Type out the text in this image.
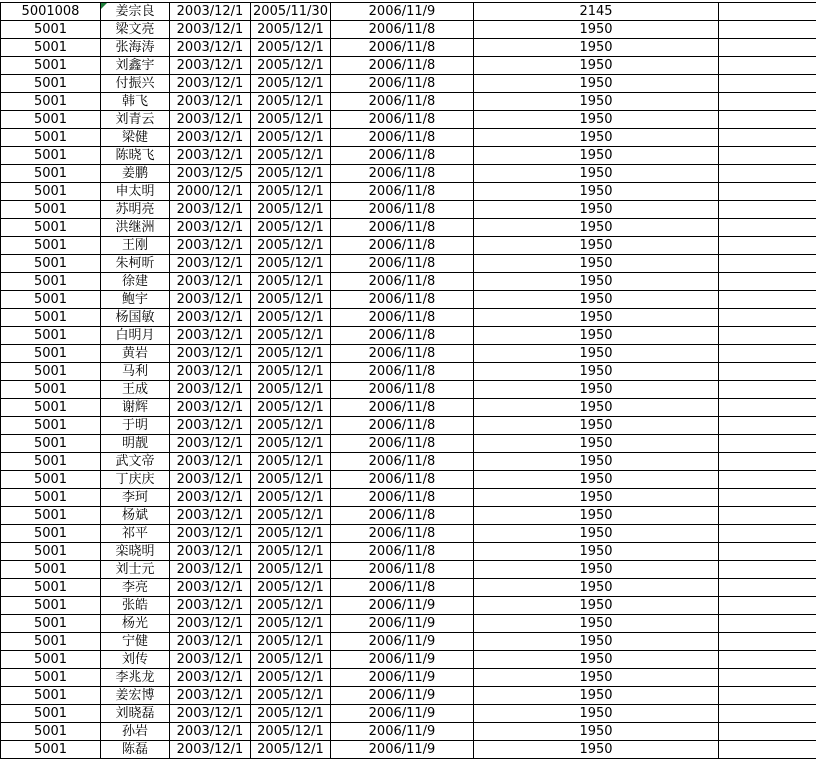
5001008	姜宗良	2003/12/1	2005/11/30	2006/11/9	2145	
5001	梁文亮	2003/12/1	2005/12/1	2006/11/8	1950	
5001	张海涛	2003/12/1	2005/12/1	2006/11/8	1950	
5001	刘鑫宇	2003/12/1	2005/12/1	2006/11/8	1950	
5001	付振兴	2003/12/1	2005/12/1	2006/11/8	1950	
5001	韩飞	2003/12/1	2005/12/1	2006/11/8	1950	
5001	刘青云	2003/12/1	2005/12/1	2006/11/8	1950	
5001	梁健	2003/12/1	2005/12/1	2006/11/8	1950	
5001	陈晓飞	2003/12/1	2005/12/1	2006/11/8	1950	
5001	姜鹏	2003/12/5	2005/12/1	2006/11/8	1950	
5001	申太明	2000/12/1	2005/12/1	2006/11/8	1950	
5001	苏明亮	2003/12/1	2005/12/1	2006/11/8	1950	
5001	洪继洲	2003/12/1	2005/12/1	2006/11/8	1950	
5001	王刚	2003/12/1	2005/12/1	2006/11/8	1950	
5001	朱柯昕	2003/12/1	2005/12/1	2006/11/8	1950	
5001	徐建	2003/12/1	2005/12/1	2006/11/8	1950	
5001	鲍宇	2003/12/1	2005/12/1	2006/11/8	1950	
5001	杨国敏	2003/12/1	2005/12/1	2006/11/8	1950	
5001	白明月	2003/12/1	2005/12/1	2006/11/8	1950	
5001	黄岩	2003/12/1	2005/12/1	2006/11/8	1950	
5001	马利	2003/12/1	2005/12/1	2006/11/8	1950	
5001	王成	2003/12/1	2005/12/1	2006/11/8	1950	
5001	谢辉	2003/12/1	2005/12/1	2006/11/8	1950	
5001	于明	2003/12/1	2005/12/1	2006/11/8	1950	
5001	明靓	2003/12/1	2005/12/1	2006/11/8	1950	
5001	武文帝	2003/12/1	2005/12/1	2006/11/8	1950	
5001	丁庆庆	2003/12/1	2005/12/1	2006/11/8	1950	
5001	李珂	2003/12/1	2005/12/1	2006/11/8	1950	
5001	杨斌	2003/12/1	2005/12/1	2006/11/8	1950	
5001	祁平	2003/12/1	2005/12/1	2006/11/8	1950	
5001	栾晓明	2003/12/1	2005/12/1	2006/11/8	1950	
5001	刘士元	2003/12/1	2005/12/1	2006/11/8	1950	
5001	李亮	2003/12/1	2005/12/1	2006/11/8	1950	
5001	张皓	2003/12/1	2005/12/1	2006/11/9	1950	
5001	杨光	2003/12/1	2005/12/1	2006/11/9	1950	
5001	宁健	2003/12/1	2005/12/1	2006/11/9	1950	
5001	刘传	2003/12/1	2005/12/1	2006/11/9	1950	
5001	李兆龙	2003/12/1	2005/12/1	2006/11/9	1950	
5001	姜宏博	2003/12/1	2005/12/1	2006/11/9	1950	
5001	刘晓磊	2003/12/1	2005/12/1	2006/11/9	1950	
5001	孙岩	2003/12/1	2005/12/1	2006/11/9	1950	
5001	陈磊	2003/12/1	2005/12/1	2006/11/9	1950	
